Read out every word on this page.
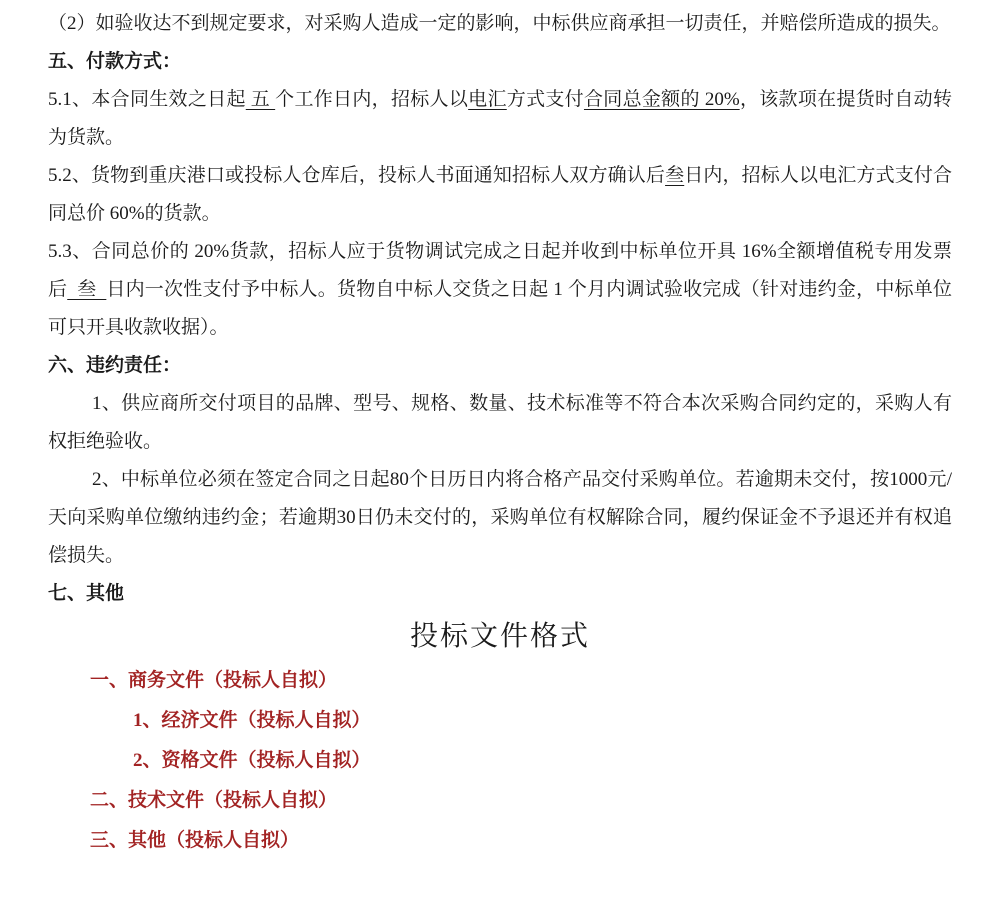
（2）如验收达不到规定要求，对采购人造成一定的影响，中标供应商承担一切责任，并赔偿所造成的损失。

五、付款方式：

5.1、本合同生效之日起 五 个工作日内，招标人以电汇方式支付合同总金额的 20%，该款项在提货时自动转为货款。

5.2、货物到重庆港口或投标人仓库后，投标人书面通知招标人双方确认后叁日内，招标人以电汇方式支付合同总价 60%的货款。

5.3、合同总价的 20%货款，招标人应于货物调试完成之日起并收到中标单位开具 16%全额增值税专用发票后  叁  日内一次性支付予中标人。货物自中标人交货之日起 1 个月内调试验收完成（针对违约金，中标单位可只开具收款收据）。

六、违约责任：

1、供应商所交付项目的品牌、型号、规格、数量、技术标准等不符合本次采购合同约定的，采购人有权拒绝验收。

2、中标单位必须在签定合同之日起80个日历日内将合格产品交付采购单位。若逾期未交付，按1000元/天向采购单位缴纳违约金；若逾期30日仍未交付的，采购单位有权解除合同，履约保证金不予退还并有权追偿损失。

七、其他

投标文件格式

一、商务文件（投标人自拟）

1、经济文件（投标人自拟）

2、资格文件（投标人自拟）

二、技术文件（投标人自拟）

三、其他（投标人自拟）
